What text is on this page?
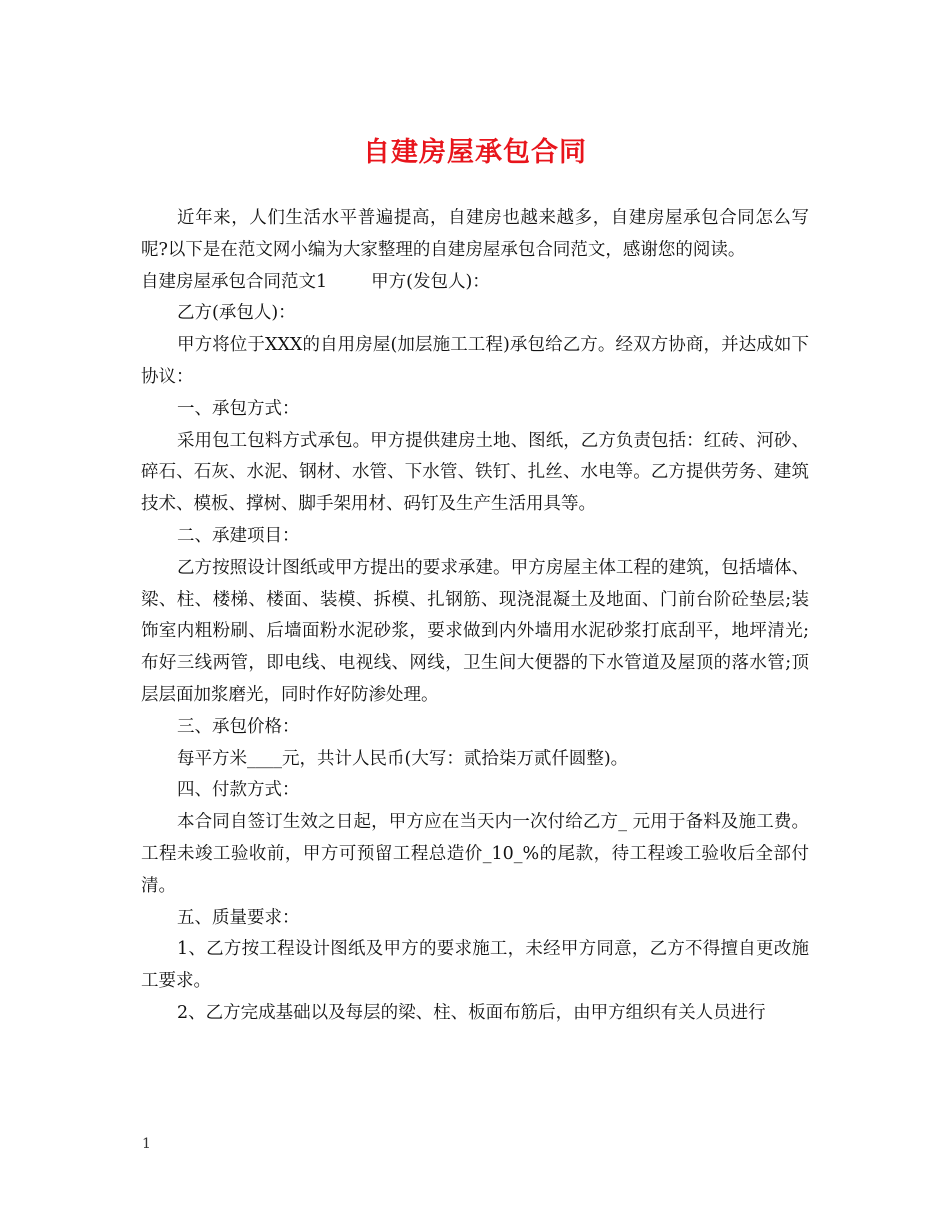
自建房屋承包合同

近年来，人们生活水平普遍提高，自建房也越来越多，自建房屋承包合同怎么写呢?以下是在范文网小编为大家整理的自建房屋承包合同范文，感谢您的阅读。

自建房屋承包合同范文1	甲方(发包人)：

乙方(承包人)：

甲方将位于XXX的自用房屋(加层施工工程)承包给乙方。经双方协商，并达成如下协议：

一、承包方式：

采用包工包料方式承包。甲方提供建房土地、图纸，乙方负责包括：红砖、河砂、碎石、石灰、水泥、钢材、水管、下水管、铁钉、扎丝、水电等。乙方提供劳务、建筑技术、模板、撑树、脚手架用材、码钉及生产生活用具等。

二、承建项目：

乙方按照设计图纸或甲方提出的要求承建。甲方房屋主体工程的建筑，包括墙体、梁、柱、楼梯、楼面、装模、拆模、扎钢筋、现浇混凝土及地面、门前台阶砼垫层;装饰室内粗粉刷、后墙面粉水泥砂浆，要求做到内外墙用水泥砂浆打底刮平，地坪清光;布好三线两管，即电线、电视线、网线，卫生间大便器的下水管道及屋顶的落水管;顶层层面加浆磨光，同时作好防渗处理。

三、承包价格：

每平方米____元，共计人民币(大写：贰拾柒万贰仟圆整)。

四、付款方式：

本合同自签订生效之日起，甲方应在当天内一次付给乙方_ 元用于备料及施工费。工程未竣工验收前，甲方可预留工程总造价_10_%的尾款，待工程竣工验收后全部付清。

五、质量要求：

1、乙方按工程设计图纸及甲方的要求施工，未经甲方同意，乙方不得擅自更改施工要求。

2、乙方完成基础以及每层的梁、柱、板面布筋后，由甲方组织有关人员进行

1
